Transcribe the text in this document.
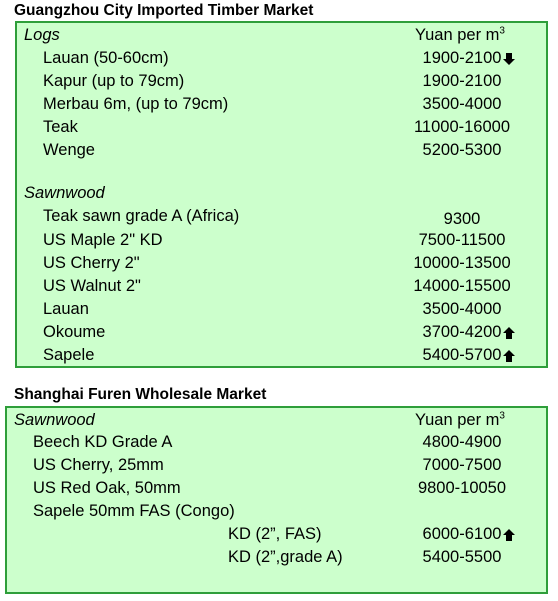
Guangzhou City Imported Timber Market
Logs	Yuan per $m^3$
Lauan (50-60cm)	1900-2100
Kapur (up to 79cm)	1900-2100
Merbau 6m, (up to 79cm)	3500-4000
Teak	11000-16000
Wenge	5200-5300
Sawnwood
Teak sawn grade A (Africa)	9300
US Maple 2" KD	7500-11500
US Cherry 2"	10000-13500
US Walnut 2"	14000-15500
Lauan	3500-4000
Okoume	3700-4200
Sapele	5400-5700
Shanghai Furen Wholesale Market
Sawnwood	Yuan per $m^3$
Beech KD Grade A	4800-4900
US Cherry, 25mm	7000-7500
US Red Oak, 50mm	9800-10050
Sapele 50mm FAS (Congo)
KD (2”, FAS)	6000-6100
KD (2”,grade A)	5400-5500
